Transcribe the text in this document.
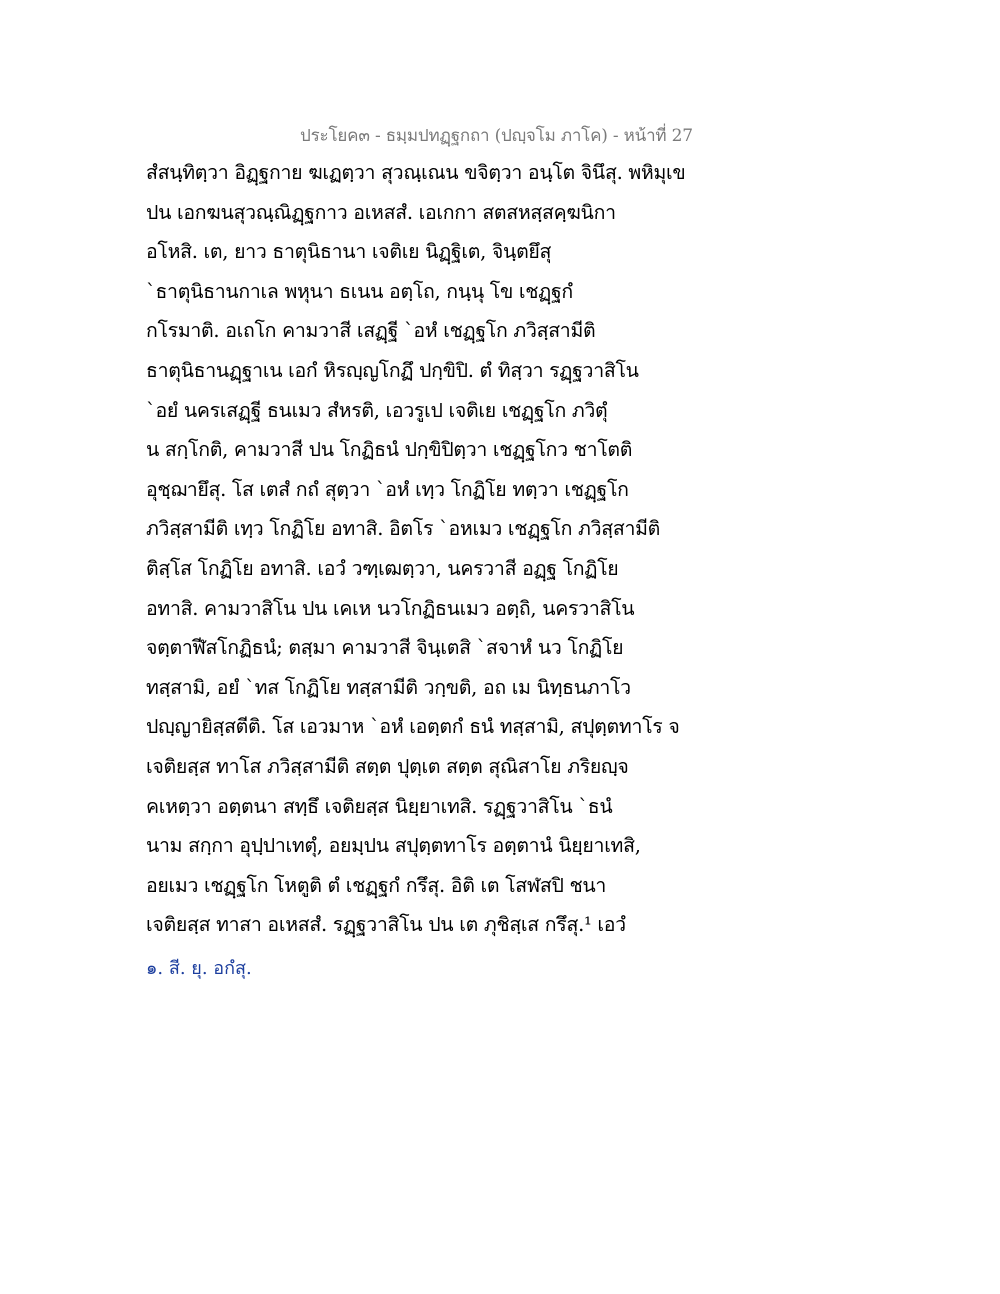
ประโยค๓ - ธมฺมปทฏฺฐกถา (ปญฺจโม ภาโค) - หน้าที่ 27
สํสนฺทิตฺวา อิฏฺฐกาย ฆเฏตฺวา สุวณฺเณน ขจิตฺวา อนฺโต จินึสุ. พหิมุเข
ปน เอกฆนสุวณฺณิฏฺฐกาว อเหสสํ. เอเกกา สตสหสฺสคฺฆนิกา
อโหสิ. เต, ยาว ธาตุนิธานา เจติเย นิฏฺฐิเต, จินฺตยึสุ
`ธาตุนิธานกาเล พหุนา ธเนน อตฺโถ, กนฺนุ โข เชฏฺฐกํ
กโรมาติ. อเถโก คามวาสี เสฏฺฐี `อหํ เชฏฺฐโก ภวิสฺสามีติ
ธาตุนิธานฏฺฐาเน เอกํ หิรญฺญโกฏึ ปกฺขิปิ. ตํ ทิสฺวา รฏฺฐวาสิโน
`อยํ นครเสฏฺฐี ธนเมว สํหรติ, เอวรูเป เจติเย เชฏฺฐโก ภวิตุํ
น สกฺโกติ, คามวาสี ปน โกฏิธนํ ปกฺขิปิตฺวา เชฏฺฐโกว ชาโตติ
อุชฺฌายึสุ. โส เตสํ กถํ สุตฺวา `อหํ เทฺว โกฏิโย ทตฺวา เชฏฺฐโก
ภวิสฺสามีติ เทฺว โกฏิโย อทาสิ. อิตโร `อหเมว เชฏฺฐโก ภวิสฺสามีติ
ติสฺโส โกฏิโย อทาสิ. เอวํ วฑฺเฒตฺวา, นครวาสี อฏฺฐ โกฏิโย
อทาสิ. คามวาสิโน ปน เคเห นวโกฏิธนเมว อตฺถิ, นครวาสิโน
จตฺตาฬีสโกฏิธนํ; ตสฺมา คามวาสี จินฺเตสิ `สจาหํ นว โกฏิโย
ทสฺสามิ, อยํ `ทส โกฏิโย ทสฺสามีติ วกฺขติ, อถ เม นิทฺธนภาโว
ปญฺญายิสฺสตีติ. โส เอวมาห `อหํ เอตฺตกํ ธนํ ทสฺสามิ, สปุตฺตทาโร จ
เจติยสฺส ทาโส ภวิสฺสามีติ สตฺต ปุตฺเต สตฺต สุณิสาโย ภริยญฺจ
คเหตฺวา อตฺตนา สทฺธึ เจติยสฺส นิยฺยาเทสิ. รฏฺฐวาสิโน `ธนํ
นาม สกฺกา อุปฺปาเทตุํ, อยมฺปน สปุตฺตทาโร อตฺตานํ นิยฺยาเทสิ,
อยเมว เชฏฺฐโก โหตูติ ตํ เชฏฺฐกํ กรึสุ. อิติ เต โสฬสปิ ชนา
เจติยสฺส ทาสา อเหสสํ. รฏฺฐวาสิโน ปน เต ภุชิสฺเส กรึสุ.¹ เอวํ
๑. สี. ยุ. อกํสุ.
